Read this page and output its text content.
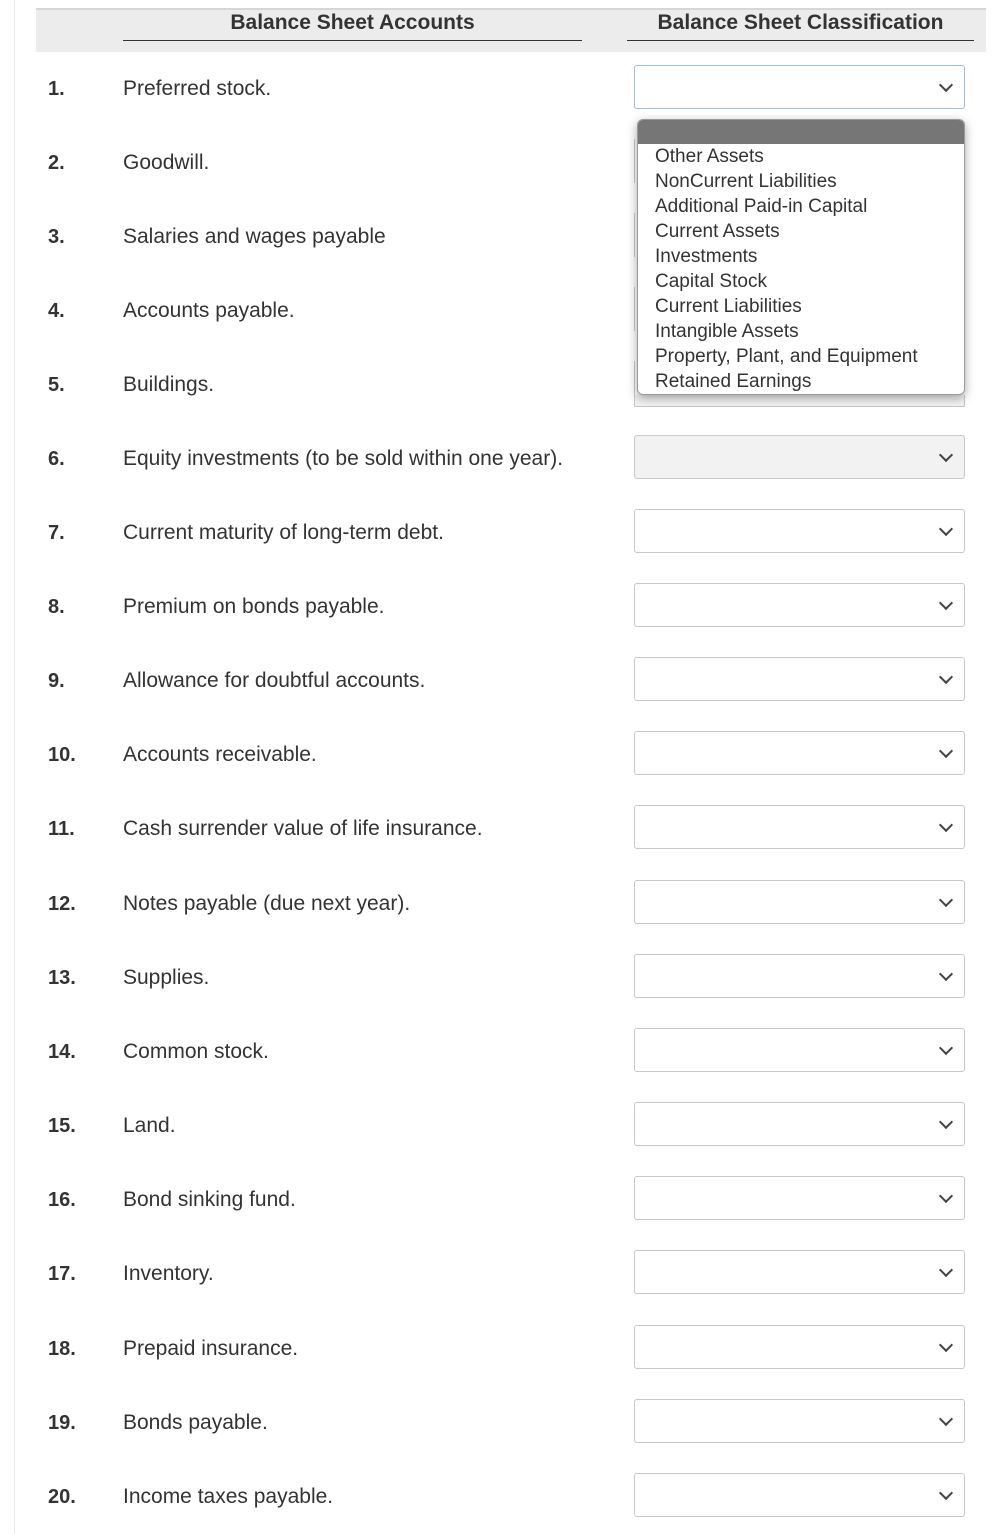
Balance Sheet Accounts	Balance Sheet Classification
1.	Preferred stock.
2.	Goodwill.
3.	Salaries and wages payable
4.	Accounts payable.
5.	Buildings.
6.	Equity investments (to be sold within one year).
7.	Current maturity of long-term debt.
8.	Premium on bonds payable.
9.	Allowance for doubtful accounts.
10. Accounts receivable.
11. Cash surrender value of life insurance.
12. Notes payable (due next year).
13. Supplies.
14. Common stock.
15. Land.
16. Bond sinking fund.
17. Inventory.
18. Prepaid insurance.
19. Bonds payable.
20. Income taxes payable.
Other Assets
NonCurrent Liabilities
Additional Paid-in Capital
Current Assets
Investments
Capital Stock
Current Liabilities
Intangible Assets
Property, Plant, and Equipment
Retained Earnings
